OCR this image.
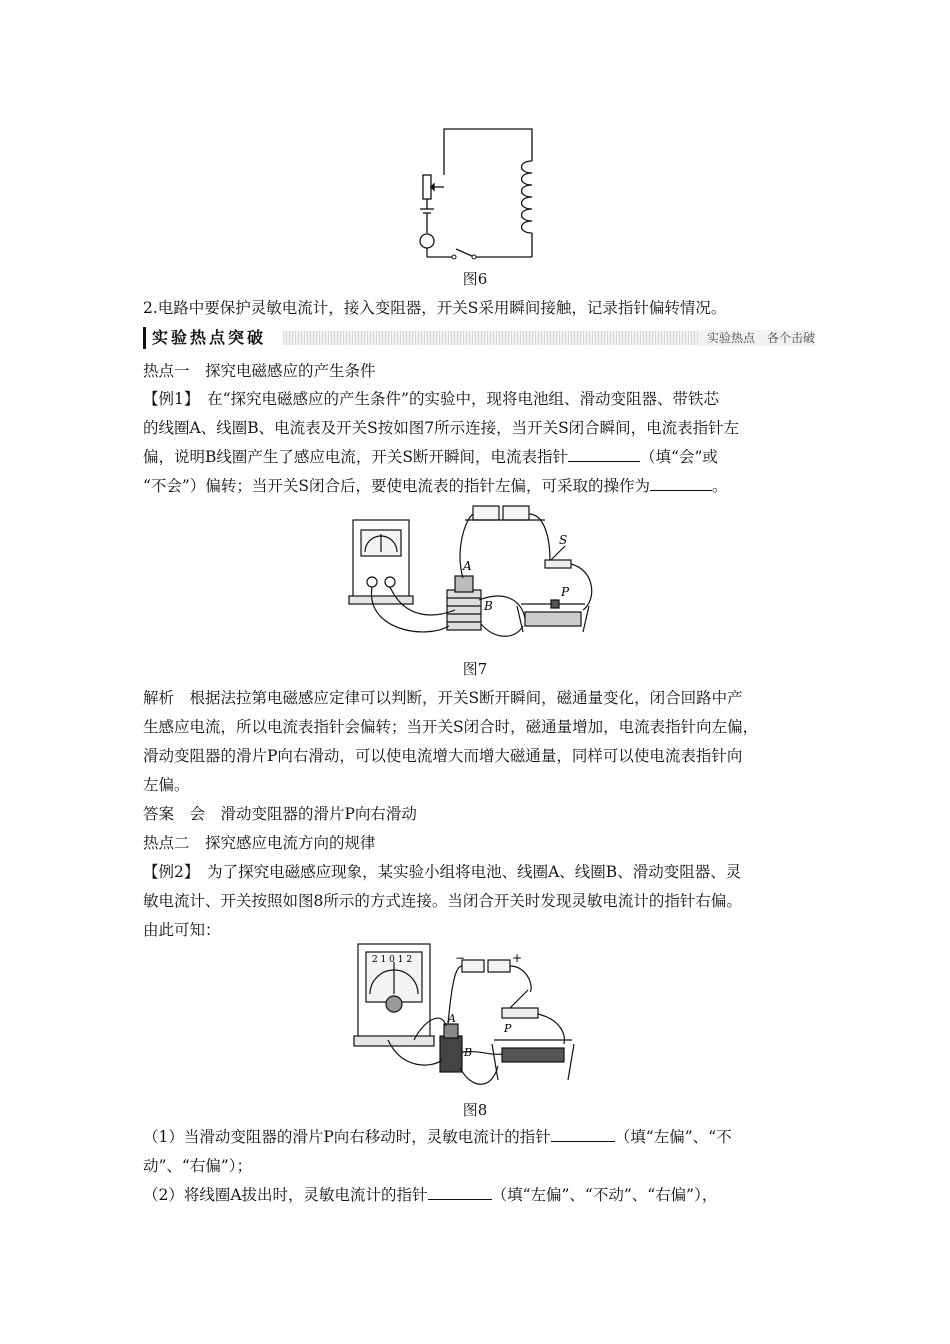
图6
2.电路中要保护灵敏电流计，接入变阻器，开关S采用瞬间接触，记录指针偏转情况。
实验热点突破	实验热点　各个击破
热点一　探究电磁感应的产生条件
【例1】　在“探究电磁感应的产生条件”的实验中，现将电池组、滑动变阻器、带铁芯
的线圈A、线圈B、电流表及开关S按如图7所示连接，当开关S闭合瞬间，电流表指针左
偏，说明B线圈产生了感应电流，开关S断开瞬间，电流表指针	（填“会”或
“不会”）偏转；当开关S闭合后，要使电流表的指针左偏，可采取的操作为	。
A
B
S
P
图7
解析　根据法拉第电磁感应定律可以判断，开关S断开瞬间，磁通量变化，闭合回路中产
生感应电流，所以电流表指针会偏转；当开关S闭合时，磁通量增加，电流表指针向左偏，
滑动变阻器的滑片P向右滑动，可以使电流增大而增大磁通量，同样可以使电流表指针向
左偏。
答案　会　滑动变阻器的滑片P向右滑动
热点二　探究感应电流方向的规律
【例2】　为了探究电磁感应现象，某实验小组将电池、线圈A、线圈B、滑动变阻器、灵
敏电流计、开关按照如图8所示的方式连接。当闭合开关时发现灵敏电流计的指针右偏。
由此可知：
2 1 0 1 2	−	+
A
B
P
图8
（1）当滑动变阻器的滑片P向右移动时，灵敏电流计的指针	（填“左偏”、“不
动”、“右偏”）；
（2）将线圈A拔出时，灵敏电流计的指针	（填“左偏”、“不动”、“右偏”），
